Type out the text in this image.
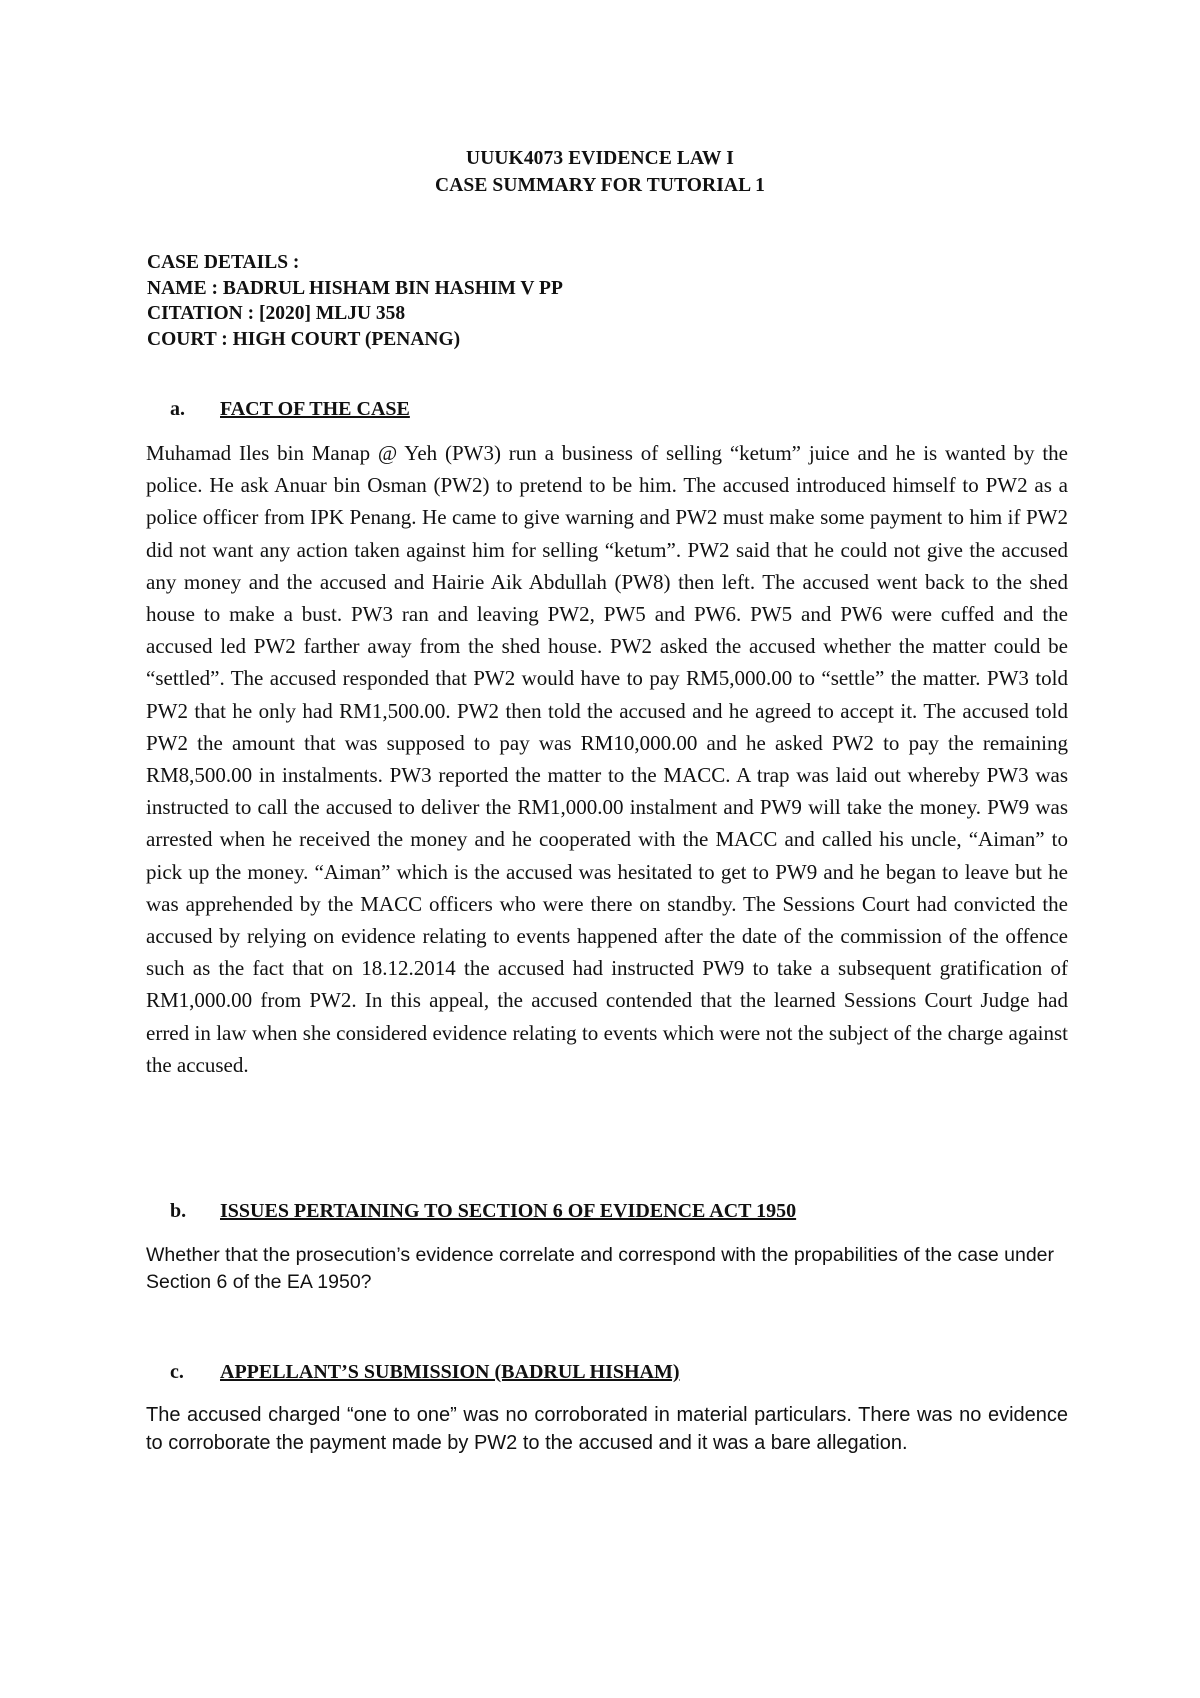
UUUK4073 EVIDENCE LAW I
CASE SUMMARY FOR TUTORIAL 1
CASE DETAILS :
NAME : BADRUL HISHAM BIN HASHIM V PP
CITATION : [2020] MLJU 358
COURT : HIGH COURT (PENANG)
a. FACT OF THE CASE

Muhamad Iles bin Manap @ Yeh (PW3) run a business of selling “ketum” juice and he is wanted by the police. He ask Anuar bin Osman (PW2) to pretend to be him. The accused introduced himself to PW2 as a police officer from IPK Penang. He came to give warning and PW2 must make some payment to him if PW2 did not want any action taken against him for selling “ketum”. PW2 said that he could not give the accused any money and the accused and Hairie Aik Abdullah (PW8) then left. The accused went back to the shed house to make a bust. PW3 ran and leaving PW2, PW5 and PW6. PW5 and PW6 were cuffed and the accused led PW2 farther away from the shed house. PW2 asked the accused whether the matter could be “settled”. The accused responded that PW2 would have to pay RM5,000.00 to “settle” the matter. PW3 told PW2 that he only had RM1,500.00. PW2 then told the accused and he agreed to accept it. The accused told PW2 the amount that was supposed to pay was RM10,000.00 and he asked PW2 to pay the remaining RM8,500.00 in instalments. PW3 reported the matter to the MACC. A trap was laid out whereby PW3 was instructed to call the accused to deliver the RM1,000.00 instalment and PW9 will take the money. PW9 was arrested when he received the money and he cooperated with the MACC and called his uncle, “Aiman” to pick up the money. “Aiman” which is the accused was hesitated to get to PW9 and he began to leave but he was apprehended by the MACC officers who were there on standby. The Sessions Court had convicted the accused by relying on evidence relating to events happened after the date of the commission of the offence such as the fact that on 18.12.2014 the accused had instructed PW9 to take a subsequent gratification of RM1,000.00 from PW2. In this appeal, the accused contended that the learned Sessions Court Judge had erred in law when she considered evidence relating to events which were not the subject of the charge against the accused.

b. ISSUES PERTAINING TO SECTION 6 OF EVIDENCE ACT 1950

Whether that the prosecution’s evidence correlate and correspond with the propabilities of the case under Section 6 of the EA 1950?

c. APPELLANT’S SUBMISSION (BADRUL HISHAM)

The accused charged “one to one” was no corroborated in material particulars. There was no evidence to corroborate the payment made by PW2 to the accused and it was a bare allegation.
